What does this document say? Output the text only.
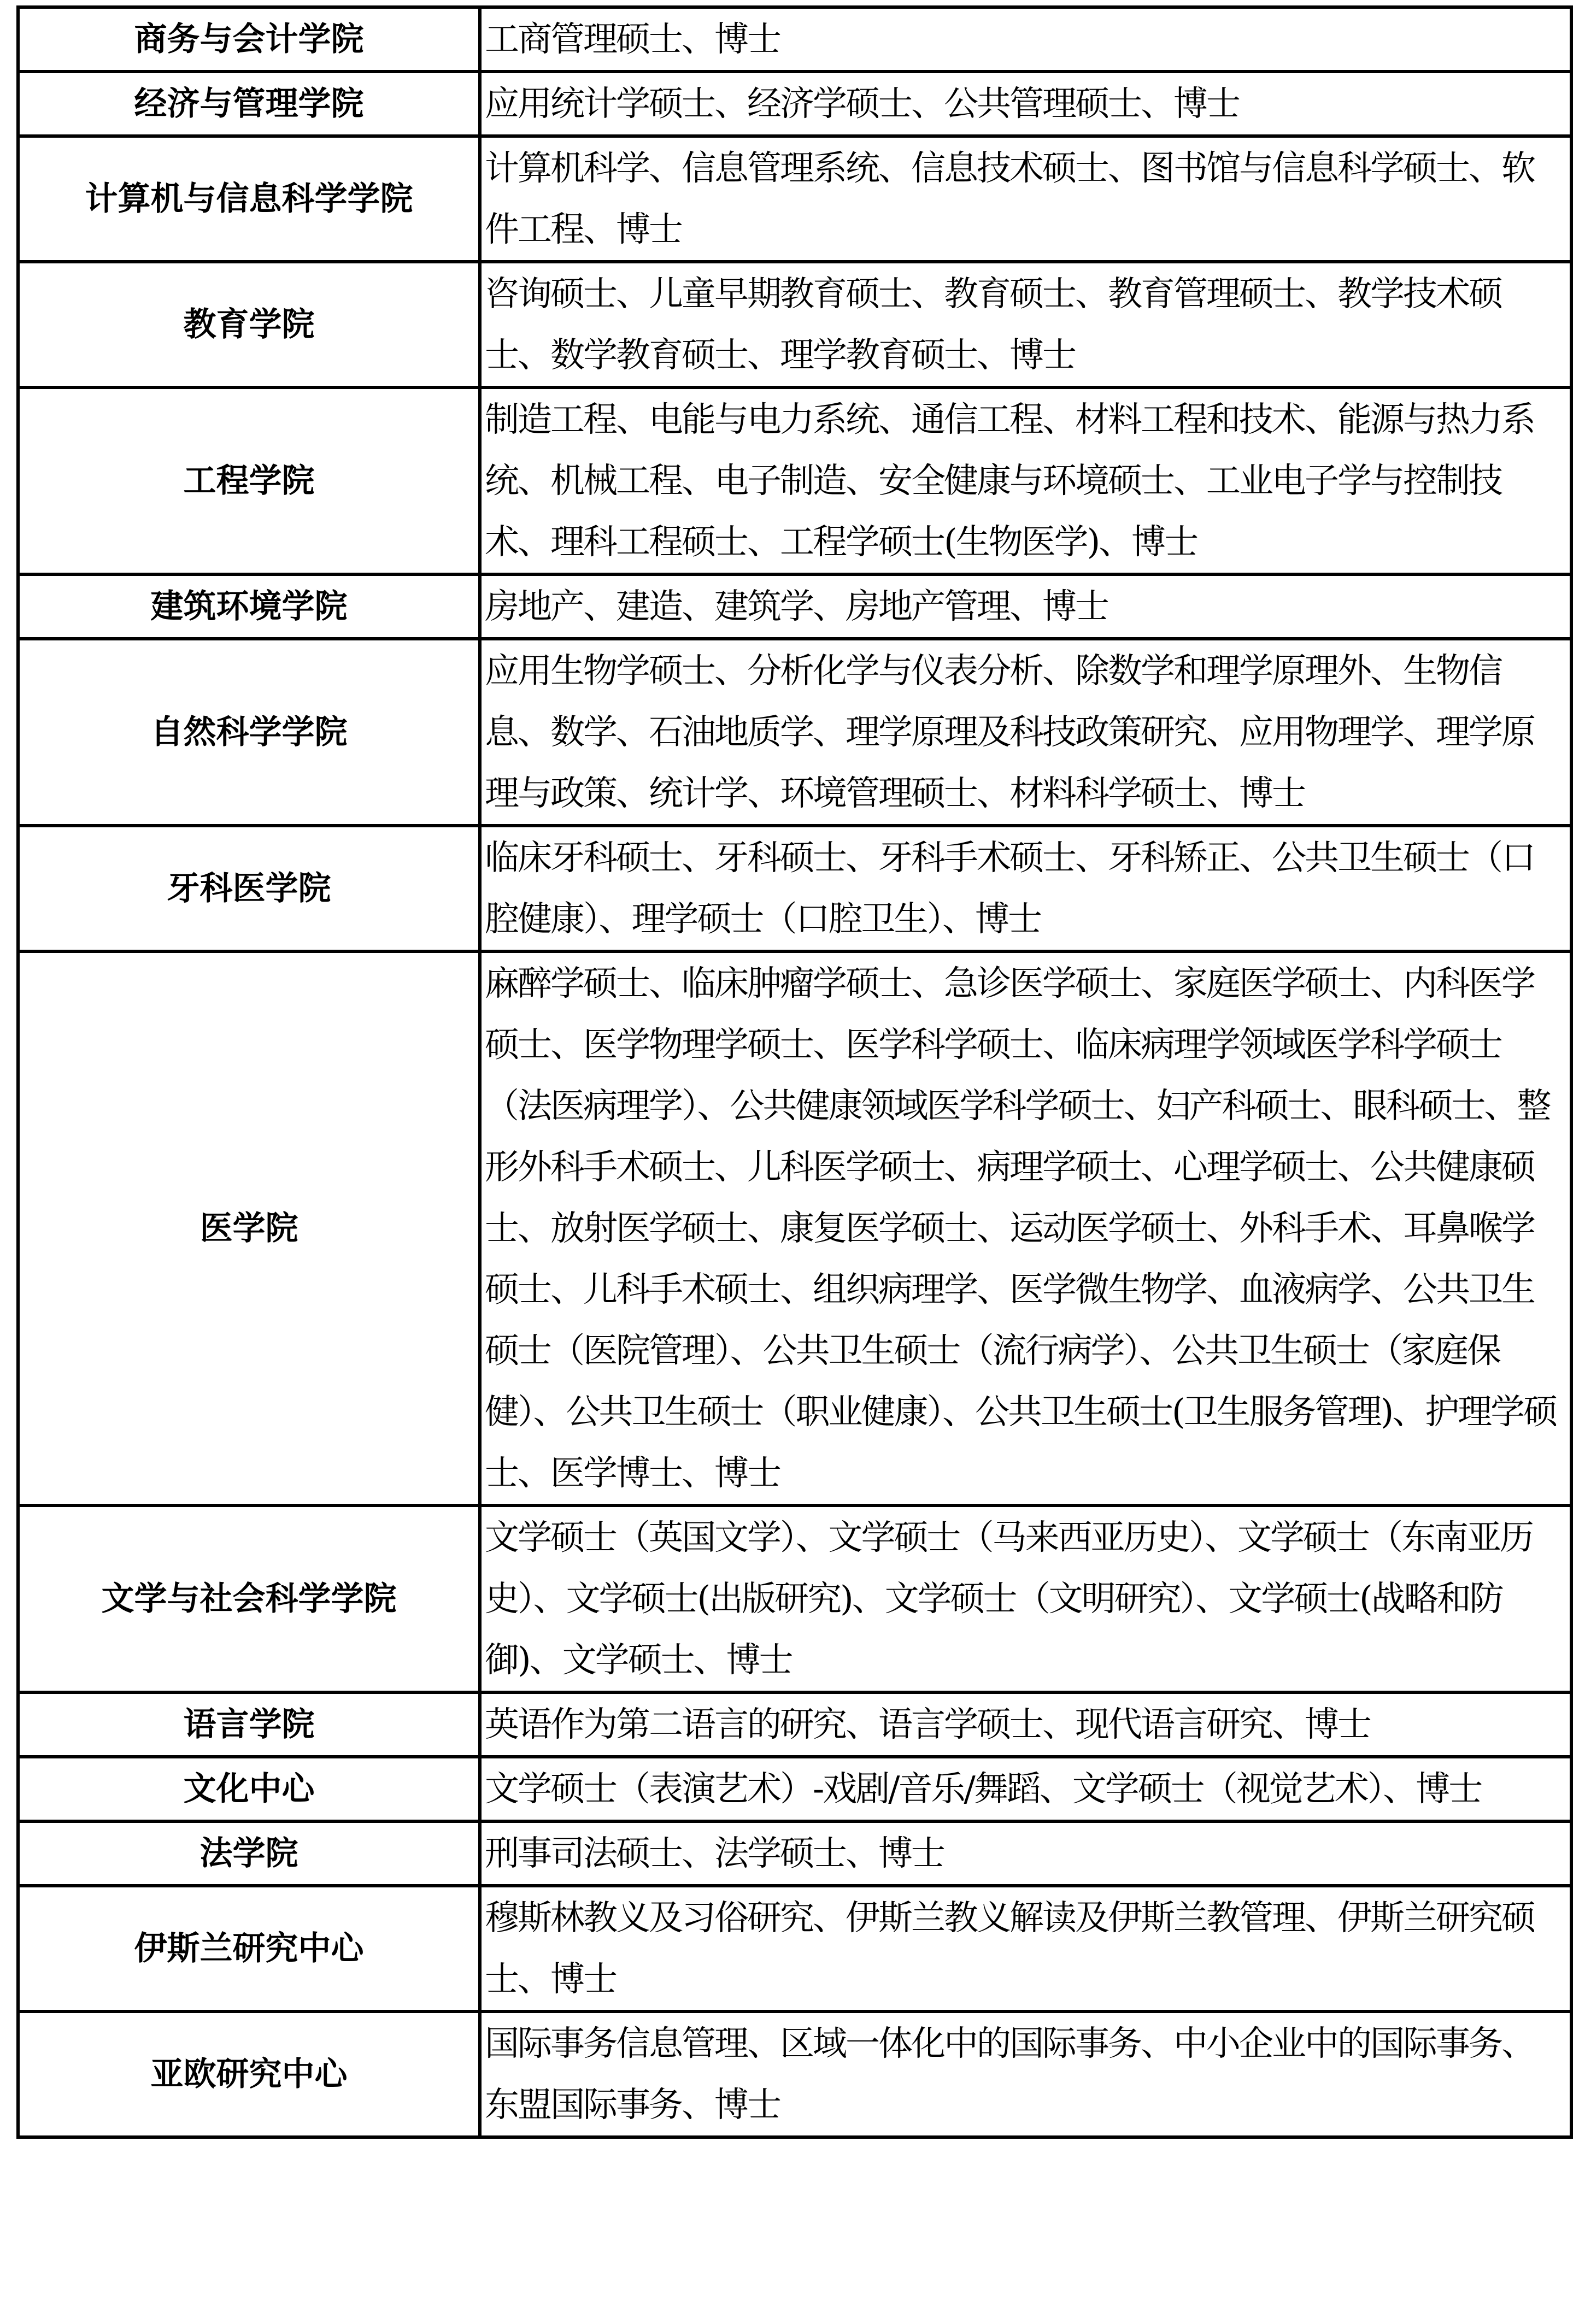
商务与会计学院	工商管理硕士、博士
经济与管理学院	应用统计学硕士、经济学硕士、公共管理硕士、博士
计算机与信息科学学院	计算机科学、信息管理系统、信息技术硕士、图书馆与信息科学硕士、软件工程、博士
教育学院	咨询硕士、儿童早期教育硕士、教育硕士、教育管理硕士、教学技术硕士、数学教育硕士、理学教育硕士、博士
工程学院	制造工程、电能与电力系统、通信工程、材料工程和技术、能源与热力系统、机械工程、电子制造、安全健康与环境硕士、工业电子学与控制技术、理科工程硕士、工程学硕士(生物医学)、博士
建筑环境学院	房地产、建造、建筑学、房地产管理、博士
自然科学学院	应用生物学硕士、分析化学与仪表分析、除数学和理学原理外、生物信息、数学、石油地质学、理学原理及科技政策研究、应用物理学、理学原理与政策、统计学、环境管理硕士、材料科学硕士、博士
牙科医学院	临床牙科硕士、牙科硕士、牙科手术硕士、牙科矫正、公共卫生硕士（口腔健康）、理学硕士（口腔卫生）、博士
医学院	麻醉学硕士、临床肿瘤学硕士、急诊医学硕士、家庭医学硕士、内科医学硕士、医学物理学硕士、医学科学硕士、临床病理学领域医学科学硕士（法医病理学）、公共健康领域医学科学硕士、妇产科硕士、眼科硕士、整形外科手术硕士、儿科医学硕士、病理学硕士、心理学硕士、公共健康硕士、放射医学硕士、康复医学硕士、运动医学硕士、外科手术、耳鼻喉学硕士、儿科手术硕士、组织病理学、医学微生物学、血液病学、公共卫生硕士（医院管理）、公共卫生硕士（流行病学）、公共卫生硕士（家庭保健）、公共卫生硕士（职业健康）、公共卫生硕士(卫生服务管理)、护理学硕士、医学博士、博士
文学与社会科学学院	文学硕士（英国文学）、文学硕士（马来西亚历史）、文学硕士（东南亚历史）、文学硕士(出版研究)、文学硕士（文明研究）、文学硕士(战略和防御)、文学硕士、博士
语言学院	英语作为第二语言的研究、语言学硕士、现代语言研究、博士
文化中心	文学硕士（表演艺术）-戏剧/音乐/舞蹈、文学硕士（视觉艺术）、博士
法学院	刑事司法硕士、法学硕士、博士
伊斯兰研究中心	穆斯林教义及习俗研究、伊斯兰教义解读及伊斯兰教管理、伊斯兰研究硕士、博士
亚欧研究中心	国际事务信息管理、区域一体化中的国际事务、中小企业中的国际事务、东盟国际事务、博士
